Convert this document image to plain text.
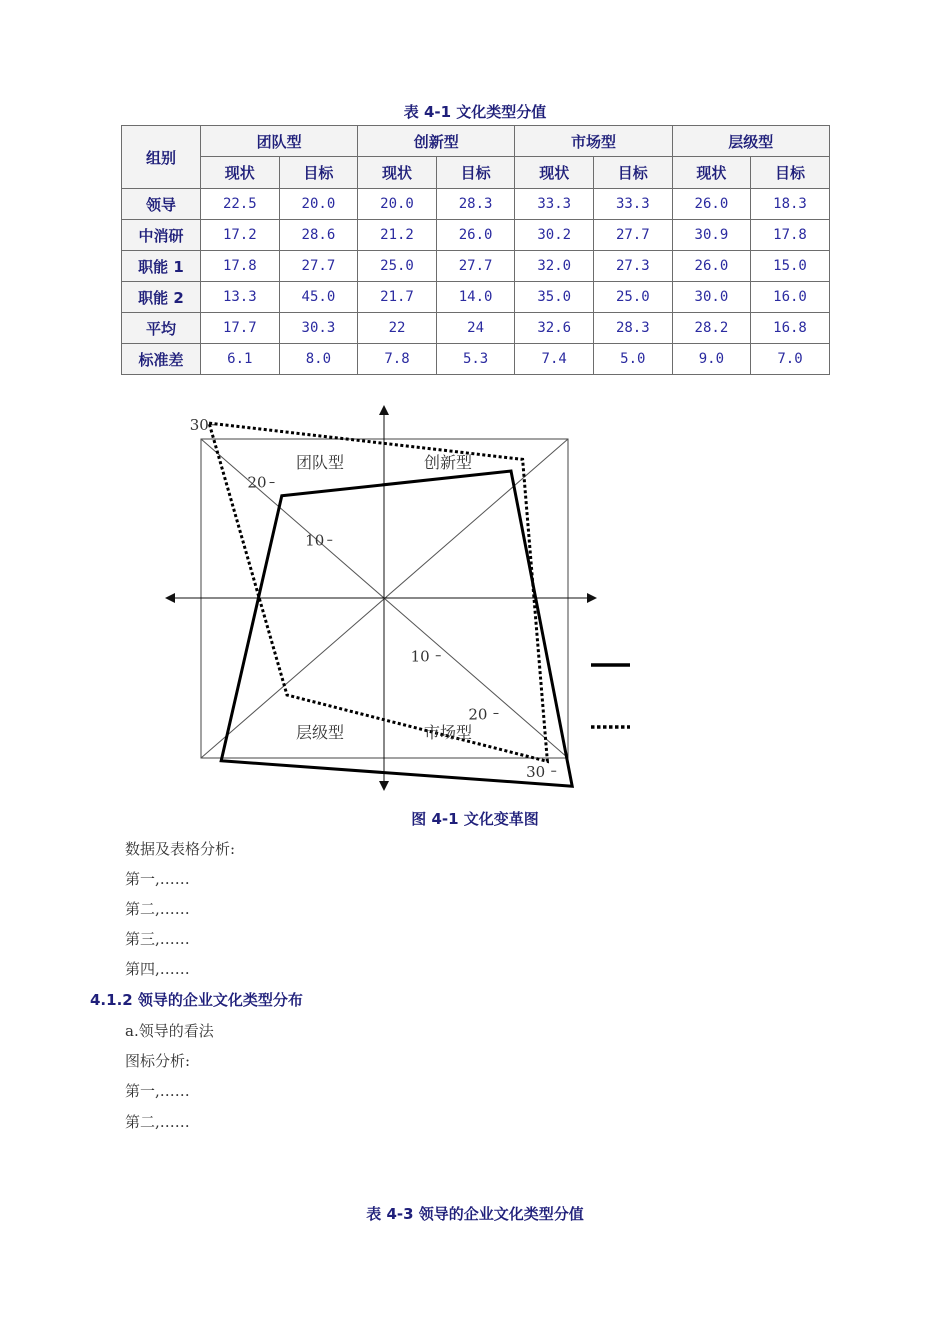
表 4-1 文化类型分值
组别	团队型		创新型		市场型		层级型	
	现状	目标	现状	目标	现状	目标	现状	目标
领导	22.5	20.0	20.0	28.3	33.3	33.3	26.0	18.3
中消研	17.2	28.6	21.2	26.0	30.2	27.7	30.9	17.8
职能 1	17.8	27.7	25.0	27.7	32.0	27.3	26.0	15.0
职能 2	13.3	45.0	21.7	14.0	35.0	25.0	30.0	16.0
平均	17.7	30.3	22	24	32.6	28.3	28.2	16.8
标准差	6.1	8.0	7.8	5.3	7.4	5.0	9.0	7.0
30
20
10
10
20
30
团队型	创新型
市场型
层级型
图 4-1 文化变革图
数据及表格分析:
第一,……
第二,……
第三,……
第四,……
4.1.2 领导的企业文化类型分布
a.领导的看法
图标分析:
第一,……
第二,……
表 4-3 领导的企业文化类型分值
